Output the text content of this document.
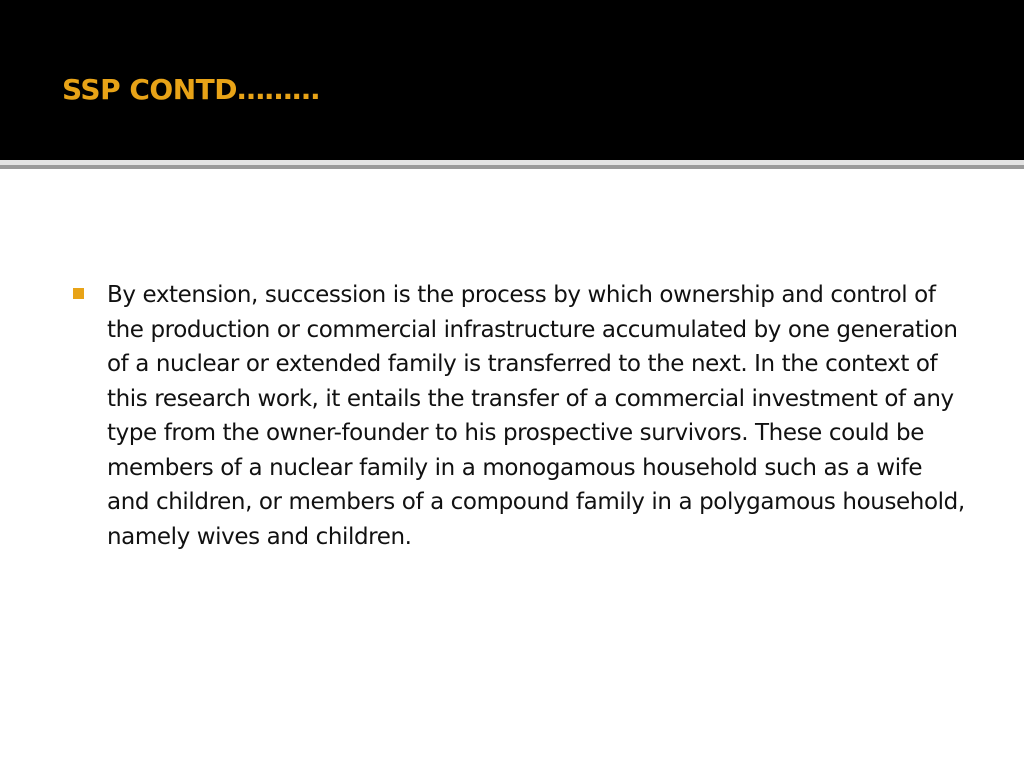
SSP CONTD………

By extension, succession is the process by which ownership and control of the production or commercial infrastructure accumulated by one generation of a nuclear or extended family is transferred to the next. In the context of this research work, it entails the transfer of a commercial investment of any type from the owner-founder to his prospective survivors. These could be members of a nuclear family in a monogamous household such as a wife and children, or members of a compound family in a polygamous household, namely wives and children.
